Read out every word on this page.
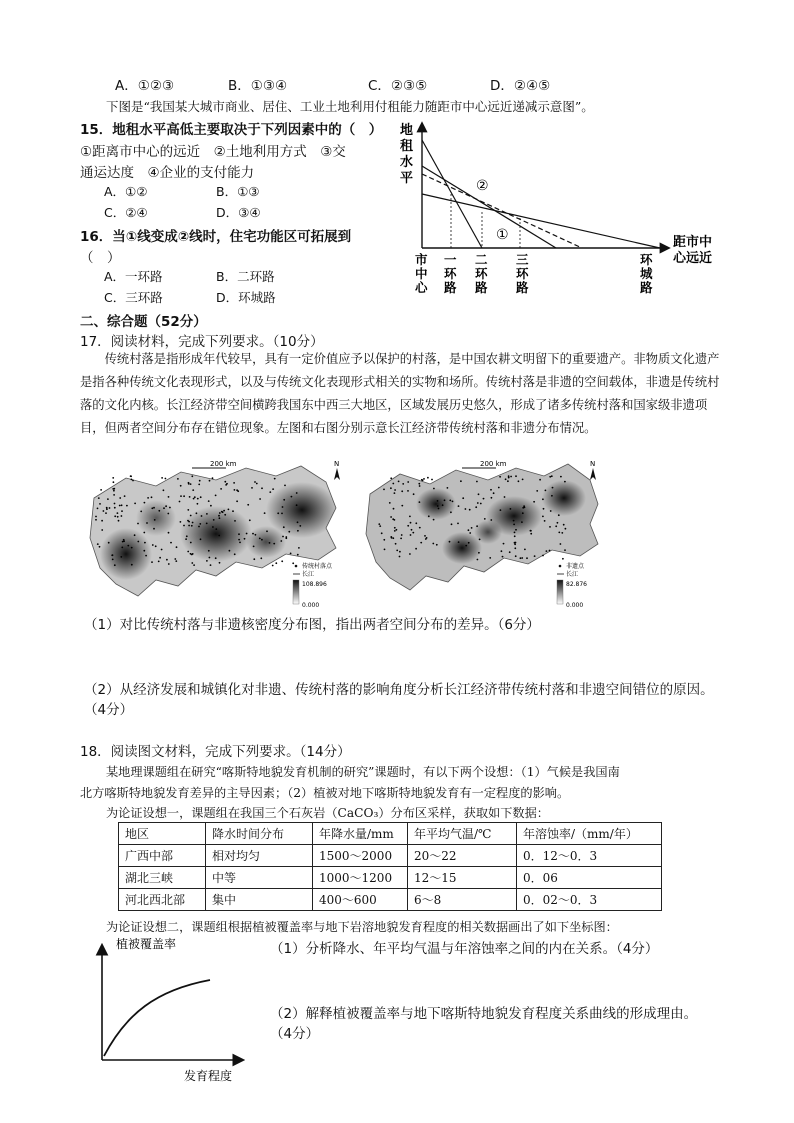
A．①②③	B．①③④	C．②③⑤	D．②④⑤
下图是“我国某大城市商业、居住、工业土地利用付租能力随距市中心远近递减示意图”。
15．地租水平高低主要取决于下列因素中的（　）
①距离市中心的远近　②土地利用方式　③交
通运达度　④企业的支付能力
A．①②	B．①③
C．②④	D．③④
16．当①线变成②线时，住宅功能区可拓展到
（　）
A．一环路	B．二环路
C．三环路	D．环城路
地
租
水
平
距市中
心远近
②
①
市
中
心
一
环
路
二
环
路
三
环
路
环
城
路
二、综合题（52分）
17．阅读材料，完成下列要求。（10分）
传统村落是指形成年代较早，具有一定价值应予以保护的村落，是中国农耕文明留下的重要遗产。非物质文化遗产是指各种传统文化表现形式，以及与传统文化表现形式相关的实物和场所。传统村落是非遗的空间载体，非遗是传统村落的文化内核。长江经济带空间横跨我国东中西三大地区，区域发展历史悠久，形成了诸多传统村落和国家级非遗项目，但两者空间分布存在错位现象。左图和右图分别示意长江经济带传统村落和非遗分布情况。
200 km	N
传统村落点
长江
108.896
0.000
200 km	N
非遗点
长江
82.876
0.000
（1）对比传统村落与非遗核密度分布图，指出两者空间分布的差异。（6分）
（2）从经济发展和城镇化对非遗、传统村落的影响角度分析长江经济带传统村落和非遗空间错位的原因。
（4分）
18．阅读图文材料，完成下列要求。（14分）
某地理课题组在研究“喀斯特地貌发育机制的研究”课题时，有以下两个设想：（1）气候是我国南
北方喀斯特地貌发育差异的主导因素；（2）植被对地下喀斯特地貌发育有一定程度的影响。
为论证设想一，课题组在我国三个石灰岩（CaCO₃）分布区采样，获取如下数据：
地区	降水时间分布	年降水量/mm	年平均气温/℃	年溶蚀率/（mm/年）
广西中部	相对均匀	1500～2000	20～22	0．12～0．3
湖北三峡	中等	1000～1200	12～15	0．06
河北西北部	集中	400～600	6～8	0．02～0．3
为论证设想二，课题组根据植被覆盖率与地下岩溶地貌发育程度的相关数据画出了如下坐标图：
植被覆盖率
发育程度
（1）分析降水、年平均气温与年溶蚀率之间的内在关系。（4分）
（2）解释植被覆盖率与地下喀斯特地貌发育程度关系曲线的形成理由。
（4分）
